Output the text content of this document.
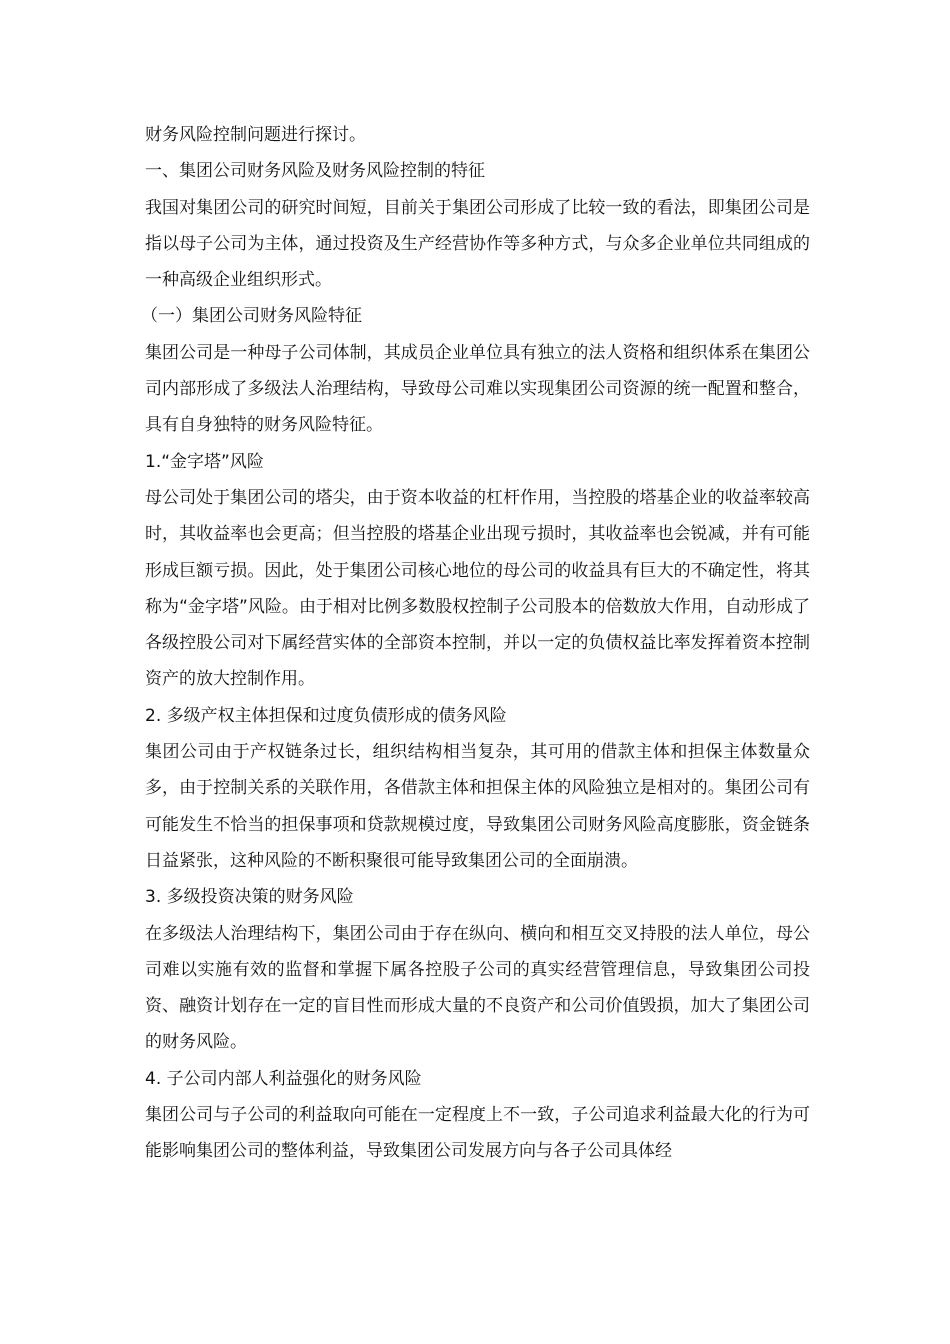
财务风险控制问题进行探讨。

一、集团公司财务风险及财务风险控制的特征

我国对集团公司的研究时间短，目前关于集团公司形成了比较一致的看法，即集团公司是指以母子公司为主体，通过投资及生产经营协作等多种方式，与众多企业单位共同组成的一种高级企业组织形式。

（一）集团公司财务风险特征

集团公司是一种母子公司体制，其成员企业单位具有独立的法人资格和组织体系在集团公司内部形成了多级法人治理结构，导致母公司难以实现集团公司资源的统一配置和整合，具有自身独特的财务风险特征。

1.“金字塔”风险

母公司处于集团公司的塔尖，由于资本收益的杠杆作用，当控股的塔基企业的收益率较高时，其收益率也会更高；但当控股的塔基企业出现亏损时，其收益率也会锐减，并有可能形成巨额亏损。因此，处于集团公司核心地位的母公司的收益具有巨大的不确定性，将其称为“金字塔”风险。由于相对比例多数股权控制子公司股本的倍数放大作用，自动形成了各级控股公司对下属经营实体的全部资本控制，并以一定的负债权益比率发挥着资本控制资产的放大控制作用。

2. 多级产权主体担保和过度负债形成的债务风险

集团公司由于产权链条过长，组织结构相当复杂，其可用的借款主体和担保主体数量众多，由于控制关系的关联作用，各借款主体和担保主体的风险独立是相对的。集团公司有可能发生不恰当的担保事项和贷款规模过度，导致集团公司财务风险高度膨胀，资金链条日益紧张，这种风险的不断积聚很可能导致集团公司的全面崩溃。

3. 多级投资决策的财务风险

在多级法人治理结构下，集团公司由于存在纵向、横向和相互交叉持股的法人单位，母公司难以实施有效的监督和掌握下属各控股子公司的真实经营管理信息，导致集团公司投资、融资计划存在一定的盲目性而形成大量的不良资产和公司价值毁损，加大了集团公司的财务风险。

4. 子公司内部人利益强化的财务风险

集团公司与子公司的利益取向可能在一定程度上不一致，子公司追求利益最大化的行为可能影响集团公司的整体利益，导致集团公司发展方向与各子公司具体经
